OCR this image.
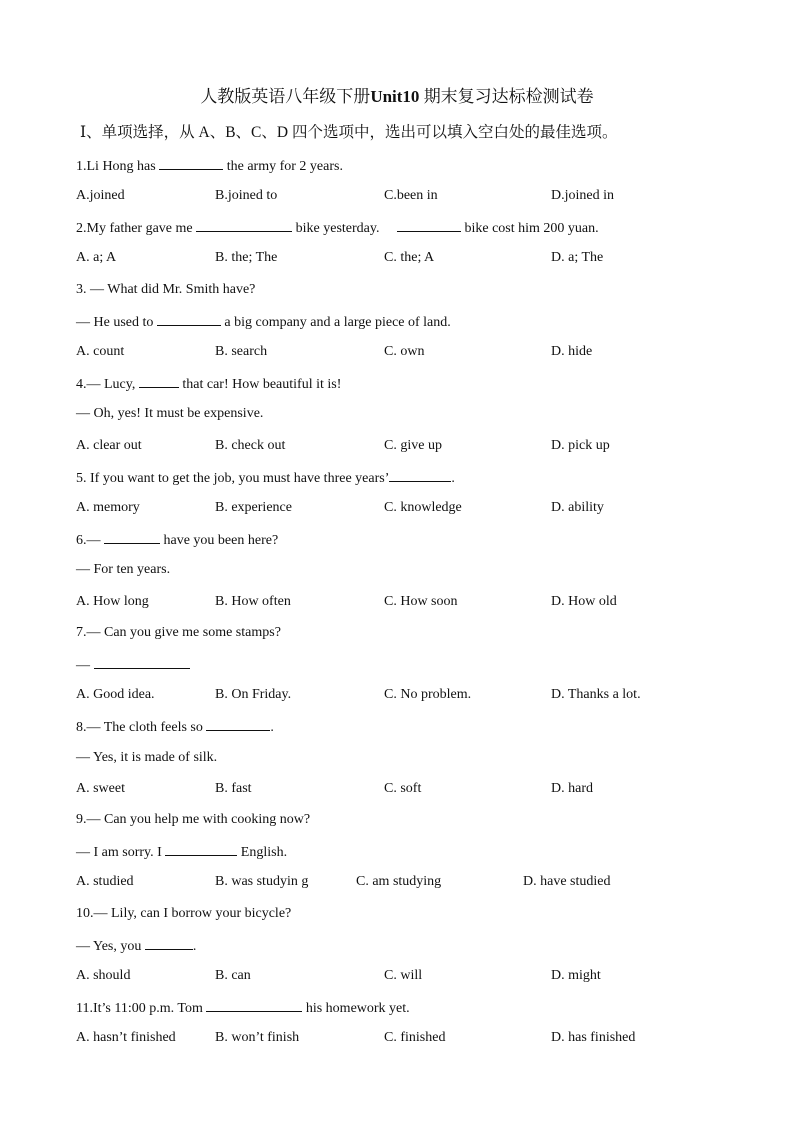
人教版英语八年级下册Unit10 期末复习达标检测试卷
Ⅰ、单项选择，从 A、B、C、D 四个选项中，选出可以填入空白处的最佳选项。
1.Li Hong has	the army for 2 years.
A.joined	B.joined to	C.been in	D.joined in
2.My father gave me	bike yesterday.	bike cost him 200 yuan.
A. a; A	B. the; The	C. the; A	D. a; The
3. — What did Mr. Smith have?
— He used to	a big company and a large piece of land.
A. count	B. search	C. own	D. hide
4.— Lucy,	that car! How beautiful it is!
— Oh, yes! It must be expensive.
A. clear out	B. check out	C. give up	D. pick up
5. If you want to get the job, you must have three years’	.
A. memory	B. experience	C. knowledge	D. ability
6.—	have you been here?
— For ten years.
A. How long	B. How often	C. How soon	D. How old
7.— Can you give me some stamps?
—
A. Good idea.	B. On Friday.	C. No problem.	D. Thanks a lot.
8.— The cloth feels so	.
— Yes, it is made of silk.
A. sweet	B. fast	C. soft	D. hard
9.— Can you help me with cooking now?
— I am sorry. I	English.
A. studied	B. was studyin g	C. am studying	D. have studied
10.— Lily, can I borrow your bicycle?
— Yes, you	.
A. should	B. can	C. will	D. might
11.It’s 11:00 p.m. Tom	his homework yet.
A. hasn’t finished	B. won’t finish	C. finished	D. has finished
